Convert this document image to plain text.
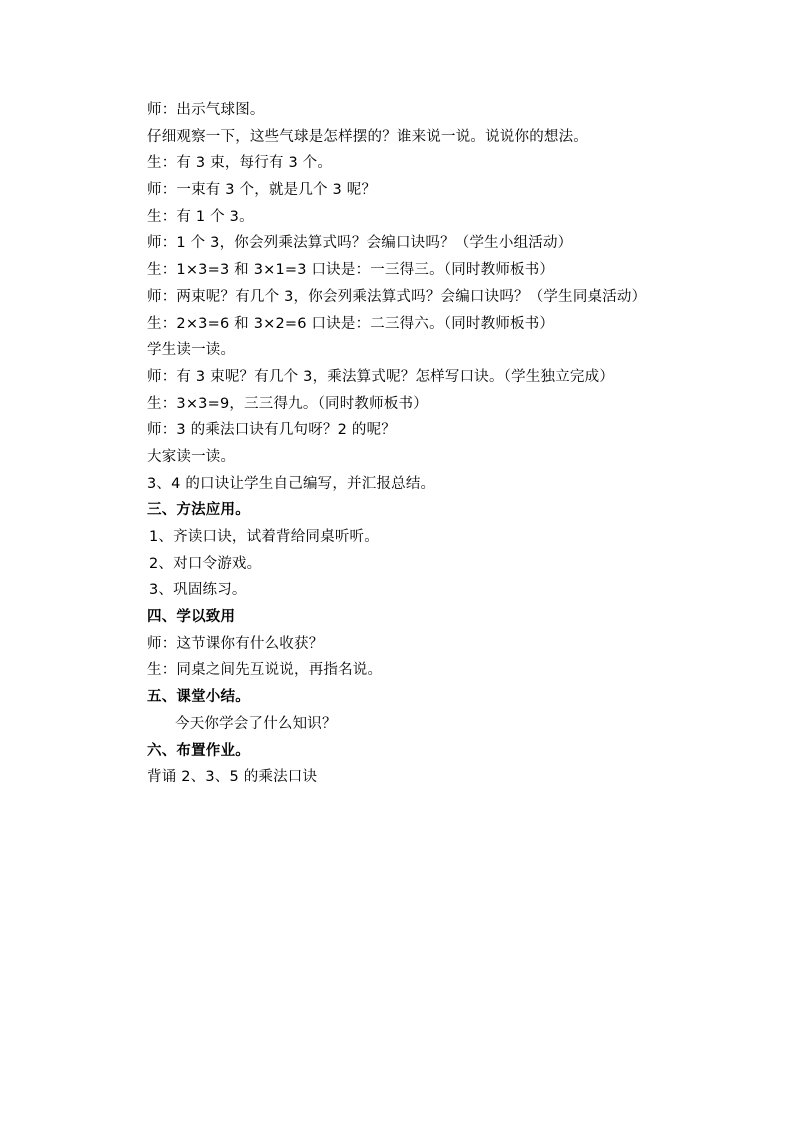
师：出示气球图。
仔细观察一下，这些气球是怎样摆的？谁来说一说。说说你的想法。
生：有 3 束，每行有 3 个。
师：一束有 3 个，就是几个 3 呢？
生：有 1 个 3。
师：1 个 3，你会列乘法算式吗？会编口诀吗？（学生小组活动）
生：1×3=3 和 3×1=3 口诀是：一三得三。（同时教师板书）
师：两束呢？有几个 3，你会列乘法算式吗？会编口诀吗？（学生同桌活动）
生：2×3=6 和 3×2=6 口诀是：二三得六。（同时教师板书）
学生读一读。
师：有 3 束呢？有几个 3，乘法算式呢？怎样写口诀。（学生独立完成）
生：3×3=9，三三得九。（同时教师板书）
师：3 的乘法口诀有几句呀？2 的呢？
大家读一读。
3、4 的口诀让学生自己编写，并汇报总结。
三、方法应用。
1、齐读口诀，试着背给同桌听听。
2、对口令游戏。
3、巩固练习。
四、学以致用
师：这节课你有什么收获？
生：同桌之间先互说说，再指名说。
五、课堂小结。
今天你学会了什么知识？
六、布置作业。
背诵 2、3、5 的乘法口诀
